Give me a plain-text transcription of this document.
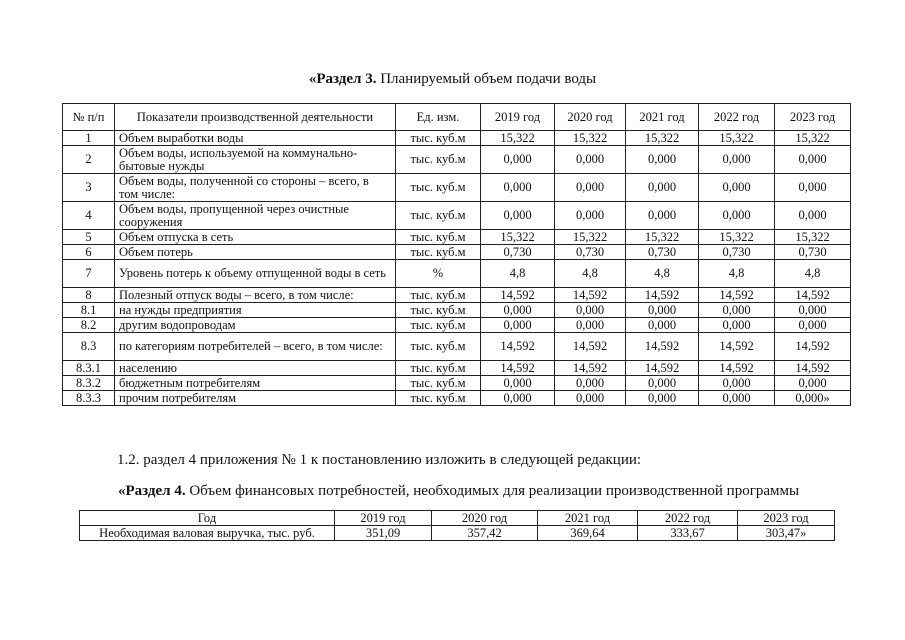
«Раздел 3. Планируемый объем подачи воды
№ п/п	Показатели производственной деятельности	Ед. изм.	2019 год	2020 год	2021 год	2022 год	2023 год
1	Объем выработки воды	тыс. куб.м	15,322	15,322	15,322	15,322	15,322
2	Объем воды, используемой на коммунально-бытовые нужды	тыс. куб.м	0,000	0,000	0,000	0,000	0,000
3	Объем воды, полученной со стороны – всего, в том числе:	тыс. куб.м	0,000	0,000	0,000	0,000	0,000
4	Объем воды, пропущенной через очистные сооружения	тыс. куб.м	0,000	0,000	0,000	0,000	0,000
5	Объем отпуска в сеть	тыс. куб.м	15,322	15,322	15,322	15,322	15,322
6	Объем потерь	тыс. куб.м	0,730	0,730	0,730	0,730	0,730
7	Уровень потерь к объему отпущенной воды в сеть	%	4,8	4,8	4,8	4,8	4,8
8	Полезный отпуск воды – всего, в том числе:	тыс. куб.м	14,592	14,592	14,592	14,592	14,592
8.1	на нужды предприятия	тыс. куб.м	0,000	0,000	0,000	0,000	0,000
8.2	другим водопроводам	тыс. куб.м	0,000	0,000	0,000	0,000	0,000
8.3	по категориям потребителей – всего, в том числе:	тыс. куб.м	14,592	14,592	14,592	14,592	14,592
8.3.1	населению	тыс. куб.м	14,592	14,592	14,592	14,592	14,592
8.3.2	бюджетным потребителям	тыс. куб.м	0,000	0,000	0,000	0,000	0,000
8.3.3	прочим потребителям	тыс. куб.м	0,000	0,000	0,000	0,000	0,000»
1.2. раздел 4 приложения № 1 к постановлению изложить в следующей редакции:
«Раздел 4. Объем финансовых потребностей, необходимых для реализации производственной программы
Год	2019 год	2020 год	2021 год	2022 год	2023 год
Необходимая валовая выручка, тыс. руб.	351,09	357,42	369,64	333,67	303,47»
